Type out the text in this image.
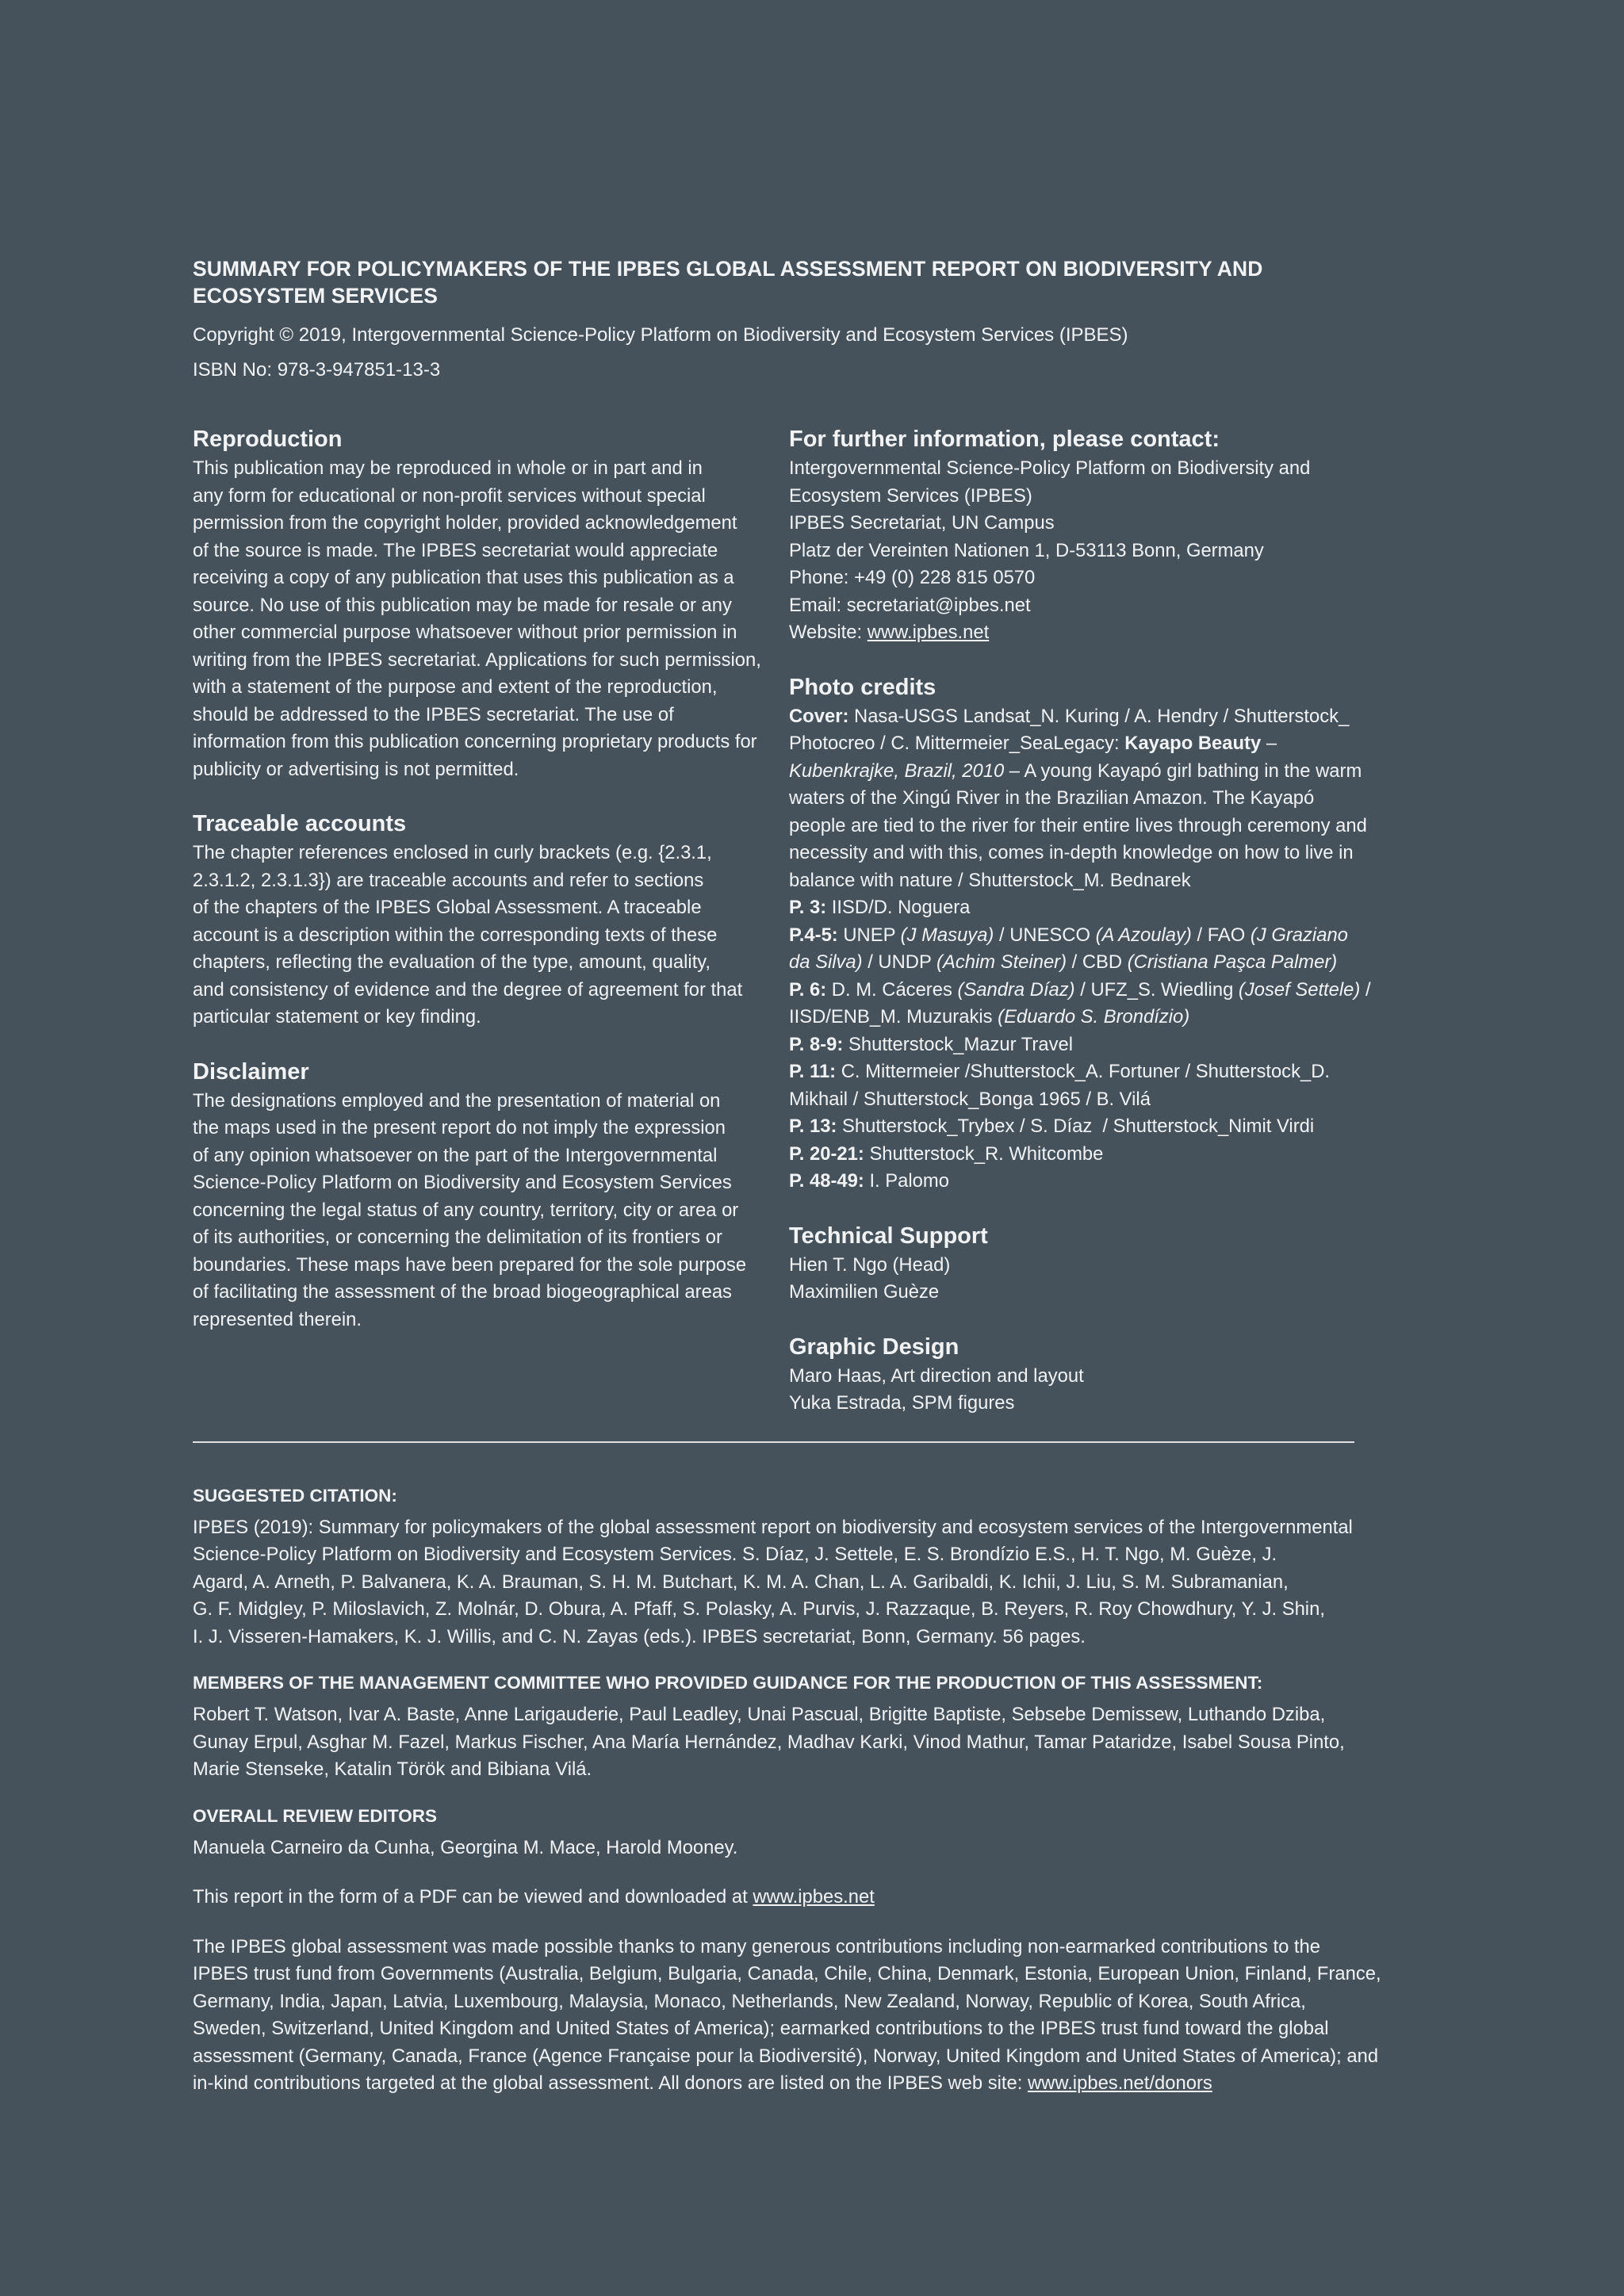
SUMMARY FOR POLICYMAKERS OF THE IPBES GLOBAL ASSESSMENT REPORT ON BIODIVERSITY AND
ECOSYSTEM SERVICES
Copyright © 2019, Intergovernmental Science-Policy Platform on Biodiversity and Ecosystem Services (IPBES)
ISBN No: 978-3-947851-13-3
Reproduction
This publication may be reproduced in whole or in part and in
any form for educational or non-profit services without special
permission from the copyright holder, provided acknowledgement
of the source is made. The IPBES secretariat would appreciate
receiving a copy of any publication that uses this publication as a
source. No use of this publication may be made for resale or any
other commercial purpose whatsoever without prior permission in
writing from the IPBES secretariat. Applications for such permission,
with a statement of the purpose and extent of the reproduction,
should be addressed to the IPBES secretariat. The use of
information from this publication concerning proprietary products for
publicity or advertising is not permitted.
Traceable accounts
The chapter references enclosed in curly brackets (e.g. {2.3.1,
2.3.1.2, 2.3.1.3}) are traceable accounts and refer to sections
of the chapters of the IPBES Global Assessment. A traceable
account is a description within the corresponding texts of these
chapters, reflecting the evaluation of the type, amount, quality,
and consistency of evidence and the degree of agreement for that
particular statement or key finding.
Disclaimer
The designations employed and the presentation of material on
the maps used in the present report do not imply the expression
of any opinion whatsoever on the part of the Intergovernmental
Science-Policy Platform on Biodiversity and Ecosystem Services
concerning the legal status of any country, territory, city or area or
of its authorities, or concerning the delimitation of its frontiers or
boundaries. These maps have been prepared for the sole purpose
of facilitating the assessment of the broad biogeographical areas
represented therein.
For further information, please contact:
Intergovernmental Science-Policy Platform on Biodiversity and
Ecosystem Services (IPBES)
IPBES Secretariat, UN Campus
Platz der Vereinten Nationen 1, D-53113 Bonn, Germany
Phone: +49 (0) 228 815 0570
Email: secretariat@ipbes.net
Website: www.ipbes.net
Photo credits
Cover: Nasa-USGS Landsat_N. Kuring / A. Hendry / Shutterstock_
Photocreo / C. Mittermeier_SeaLegacy: Kayapo Beauty –
Kubenkrajke, Brazil, 2010 – A young Kayapó girl bathing in the warm
waters of the Xingú River in the Brazilian Amazon. The Kayapó
people are tied to the river for their entire lives through ceremony and
necessity and with this, comes in-depth knowledge on how to live in
balance with nature / Shutterstock_M. Bednarek
P. 3: IISD/D. Noguera
P.4-5: UNEP (J Masuya) / UNESCO (A Azoulay) / FAO (J Graziano
da Silva) / UNDP (Achim Steiner) / CBD (Cristiana Paşca Palmer)
P. 6: D. M. Cáceres (Sandra Díaz) / UFZ_S. Wiedling (Josef Settele) /
IISD/ENB_M. Muzurakis (Eduardo S. Brondízio)
P. 8-9: Shutterstock_Mazur Travel
P. 11: C. Mittermeier /Shutterstock_A. Fortuner / Shutterstock_D.
Mikhail / Shutterstock_Bonga 1965 / B. Vilá
P. 13: Shutterstock_Trybex / S. Díaz  / Shutterstock_Nimit Virdi
P. 20-21: Shutterstock_R. Whitcombe
P. 48-49: I. Palomo
Technical Support
Hien T. Ngo (Head)
Maximilien Guèze
Graphic Design
Maro Haas, Art direction and layout
Yuka Estrada, SPM figures
SUGGESTED CITATION:
IPBES (2019): Summary for policymakers of the global assessment report on biodiversity and ecosystem services of the Intergovernmental
Science-Policy Platform on Biodiversity and Ecosystem Services. S. Díaz, J. Settele, E. S. Brondízio E.S., H. T. Ngo, M. Guèze, J.
Agard, A. Arneth, P. Balvanera, K. A. Brauman, S. H. M. Butchart, K. M. A. Chan, L. A. Garibaldi, K. Ichii, J. Liu, S. M. Subramanian,
G. F. Midgley, P. Miloslavich, Z. Molnár, D. Obura, A. Pfaff, S. Polasky, A. Purvis, J. Razzaque, B. Reyers, R. Roy Chowdhury, Y. J. Shin,
I. J. Visseren-Hamakers, K. J. Willis, and C. N. Zayas (eds.). IPBES secretariat, Bonn, Germany. 56 pages.
MEMBERS OF THE MANAGEMENT COMMITTEE WHO PROVIDED GUIDANCE FOR THE PRODUCTION OF THIS ASSESSMENT:
Robert T. Watson, Ivar A. Baste, Anne Larigauderie, Paul Leadley, Unai Pascual, Brigitte Baptiste, Sebsebe Demissew, Luthando Dziba,
Gunay Erpul, Asghar M. Fazel, Markus Fischer, Ana María Hernández, Madhav Karki, Vinod Mathur, Tamar Pataridze, Isabel Sousa Pinto,
Marie Stenseke, Katalin Török and Bibiana Vilá.
OVERALL REVIEW EDITORS
Manuela Carneiro da Cunha, Georgina M. Mace, Harold Mooney.
This report in the form of a PDF can be viewed and downloaded at www.ipbes.net
The IPBES global assessment was made possible thanks to many generous contributions including non-earmarked contributions to the
IPBES trust fund from Governments (Australia, Belgium, Bulgaria, Canada, Chile, China, Denmark, Estonia, European Union, Finland, France,
Germany, India, Japan, Latvia, Luxembourg, Malaysia, Monaco, Netherlands, New Zealand, Norway, Republic of Korea, South Africa,
Sweden, Switzerland, United Kingdom and United States of America); earmarked contributions to the IPBES trust fund toward the global
assessment (Germany, Canada, France (Agence Française pour la Biodiversité), Norway, United Kingdom and United States of America); and
in-kind contributions targeted at the global assessment. All donors are listed on the IPBES web site: www.ipbes.net/donors
